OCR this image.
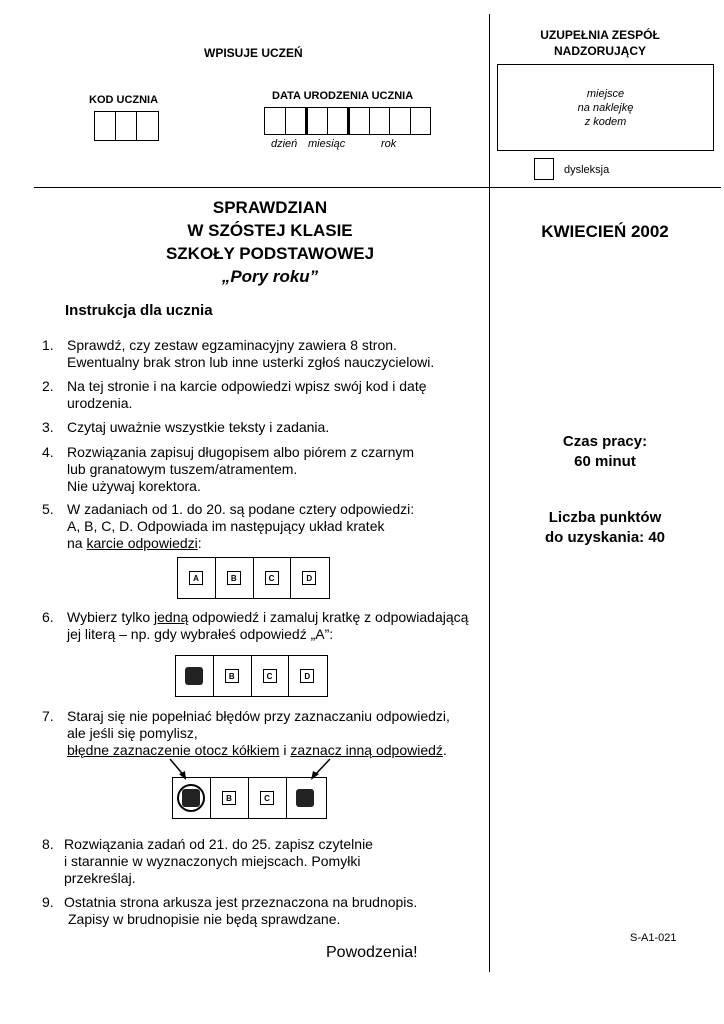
WPISUJE UCZEŃ
KOD UCZNIA	DATA URODZENIA UCZNIA
dzień miesiąc	rok
UZUPEŁNIA ZESPÓŁ
NADZORUJĄCY
miejsce
na naklejkę
z kodem
dysleksja
SPRAWDZIAN
W SZÓSTEJ KLASIE
SZKOŁY PODSTAWOWEJ
„Pory roku”
KWIECIEŃ 2002
Czas pracy:
60 minut
Liczba punktów
do uzyskania: 40
S-A1-021
Instrukcja dla ucznia
1. Sprawdź, czy zestaw egzaminacyjny zawiera 8 stron.
Ewentualny brak stron lub inne usterki zgłoś nauczycielowi.
2. Na tej stronie i na karcie odpowiedzi wpisz swój kod i datę
urodzenia.
3. Czytaj uważnie wszystkie teksty i zadania.
4. Rozwiązania zapisuj długopisem albo piórem z czarnym
lub granatowym tuszem/atramentem.
Nie używaj korektora.
5. W zadaniach od 1. do 20. są podane cztery odpowiedzi:
A, B, C, D. Odpowiada im następujący układ kratek
na karcie odpowiedzi:
A	B	C	D
6. Wybierz tylko jedną odpowiedź i zamaluj kratkę z odpowiadającą
jej literą – np. gdy wybrałeś odpowiedź „A”:
B	C	D
7. Staraj się nie popełniać błędów przy zaznaczaniu odpowiedzi,
ale jeśli się pomylisz,
błędne zaznaczenie otocz kółkiem i zaznacz inną odpowiedź.
B	C
8. Rozwiązania zadań od 21. do 25. zapisz czytelnie
i starannie w wyznaczonych miejscach. Pomyłki
przekreślaj.
9. Ostatnia strona arkusza jest przeznaczona na brudnopis.
Zapisy w brudnopisie nie będą sprawdzane.
Powodzenia!
